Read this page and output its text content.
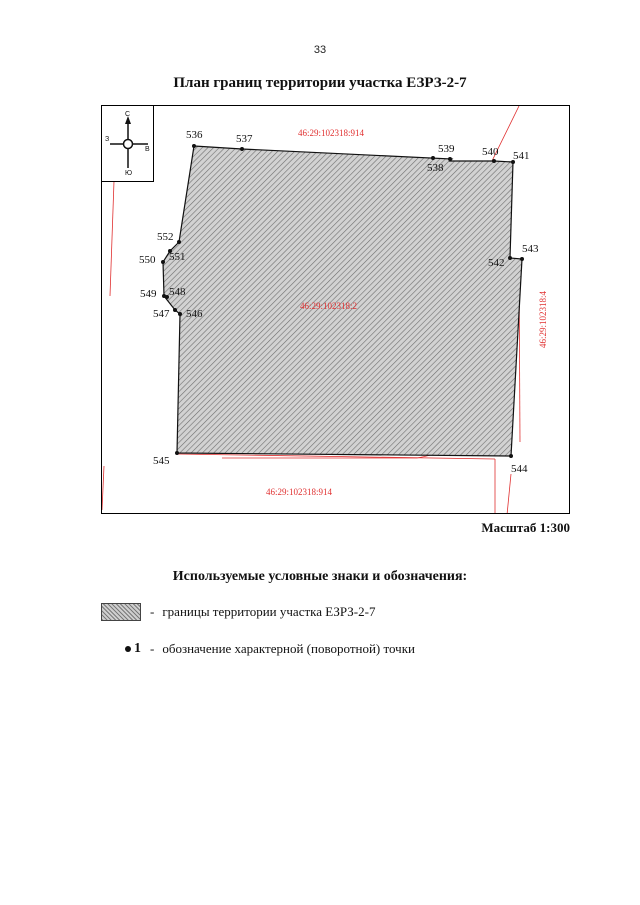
33
План границ территории участка ЕЗРЗ-2-7
С
Ю
З
В
46:29:102318:914
46:29:102318:2	46:29:102318:4
46:29:102318:914
536	537
538
539	540 541
542
543
544
545
546
547
548
549
550 551
552
Масштаб 1:300
Используемые условные знаки и обозначения:
- границы территории участка ЕЗРЗ-2-7
1 - обозначение характерной (поворотной) точки
